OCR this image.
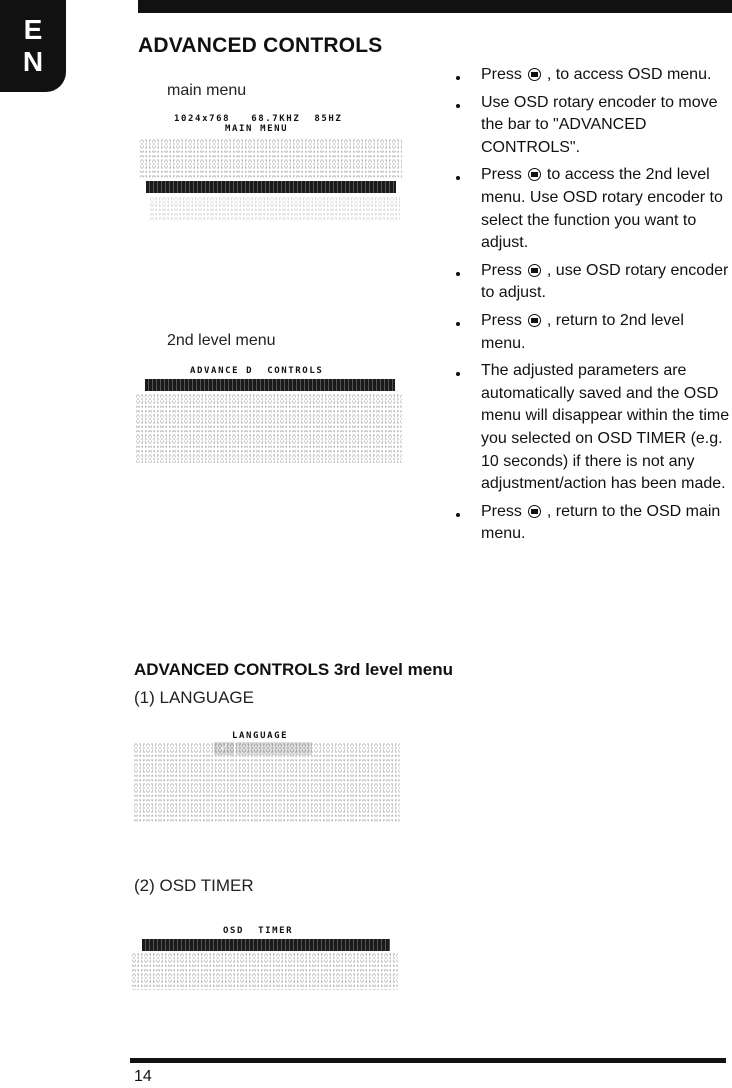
E
N
ADVANCED CONTROLS
main menu
1024x768   68.7KHZ  85HZ
MAIN MENU
2nd level menu
ADVANCE D  CONTROLS
Press , to access OSD menu.
Use OSD rotary encoder to move the bar to "ADVANCED CONTROLS".
Press to access the 2nd level menu. Use OSD rotary encoder to select the function you want to adjust.
Press , use OSD rotary encoder to adjust.
Press , return to 2nd level menu.
The adjusted parameters are automatically saved and the OSD menu will disappear within the time you selected on OSD TIMER (e.g. 10 seconds) if there is not any adjustment/action has been made.
Press , return to the OSD main menu.
ADVANCED CONTROLS 3rd level menu
(1) LANGUAGE
LANGUAGE
(2) OSD TIMER
OSD  TIMER
14
